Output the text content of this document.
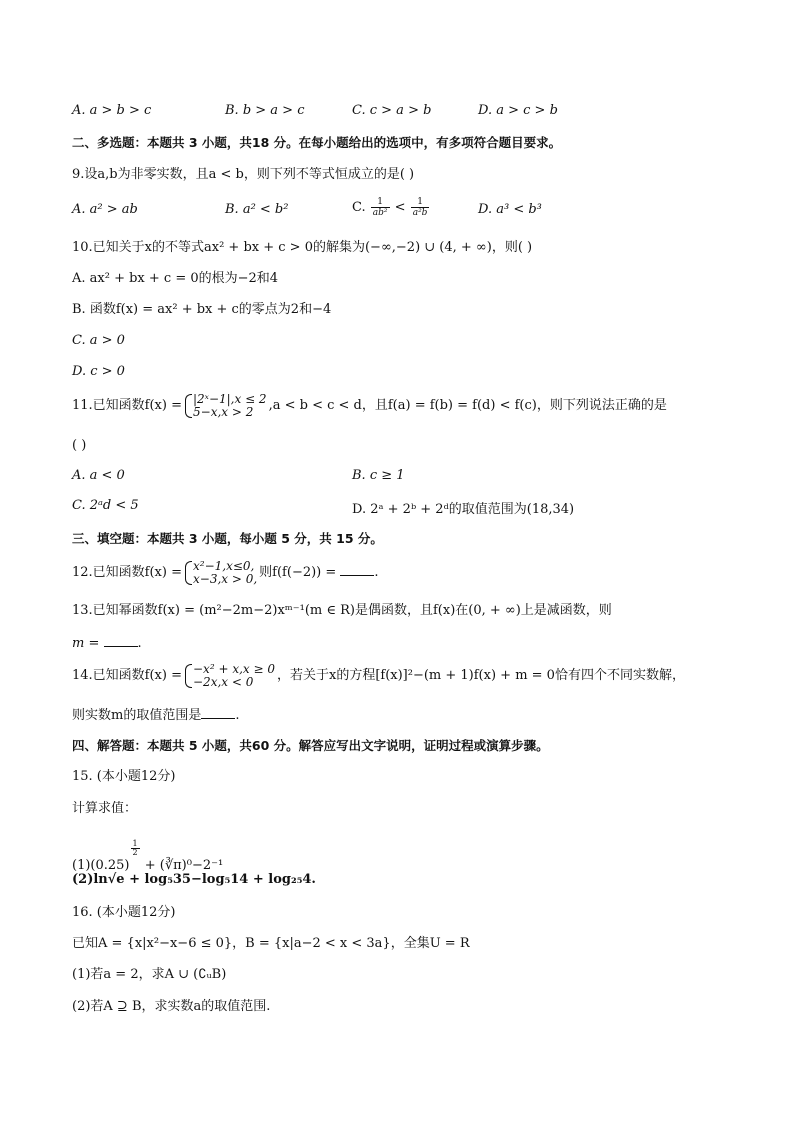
A. a > b > c	B. b > a > c	C. c > a > b	D. a > c > b
二、多选题：本题共 3 小题，共18 分。在每小题给出的选项中，有多项符合题目要求。
9.设a,b为非零实数，且a < b，则下列不等式恒成立的是( )
A. a² > ab	B. a² < b²	C. $\frac{1}{\text{ab²}} < \frac{1}{\text{a²b}}$	D. a³ < b³
10.已知关于x的不等式ax² + bx + c > 0的解集为(−∞,−2) ∪ (4, + ∞)，则( )
A. ax² + bx + c = 0的根为−2和4
B. 函数f(x) = ax² + bx + c的零点为2和−4
C. a > 0
D. c > 0
11.已知函数f(x) = |2ˣ−1|,x ≤ 2
5−x,x > 2	,a < b < c < d，且f(a) = f(b) = f(d) < f(c)，则下列说法正确的是
( )
A. a < 0	B. c ≥ 1
C. 2ᵃd < 5	D. 2ᵃ + 2ᵇ + 2ᵈ的取值范围为(18,34)
三、填空题：本题共 3 小题，每小题 5 分，共 15 分。
12.已知函数f(x) = x²−1,x≤0,
x−3,x > 0, 则f(f(−2)) =	.
13.已知幂函数f(x) = (m²−2m−2)xᵐ⁻¹(m ∈ R)是偶函数，且f(x)在(0, + ∞)上是减函数，则
m =	.
14.已知函数f(x) = −x² + x,x ≥ 0
−2x,x < 0	，若关于x的方程[f(x)]²−(m + 1)f(x) + m = 0恰有四个不同实数解，
则实数m的取值范围是	.
四、解答题：本题共 5 小题，共60 分。解答应写出文字说明，证明过程或演算步骤。
15. (本小题12分)
计算求值：
(1)(0.25)
$\frac{1}{2}$
+ (∛π)⁰−2⁻¹
(2)ln√e + log₅35−log₅14 + log₂₅4.
16. (本小题12分)
已知A = {x|x²−x−6 ≤ 0}，B = {x|a−2 < x < 3a}，全集U = R
(1)若a = 2，求A ∪ (∁ᵤB)
(2)若A ⊇ B，求实数a的取值范围.
